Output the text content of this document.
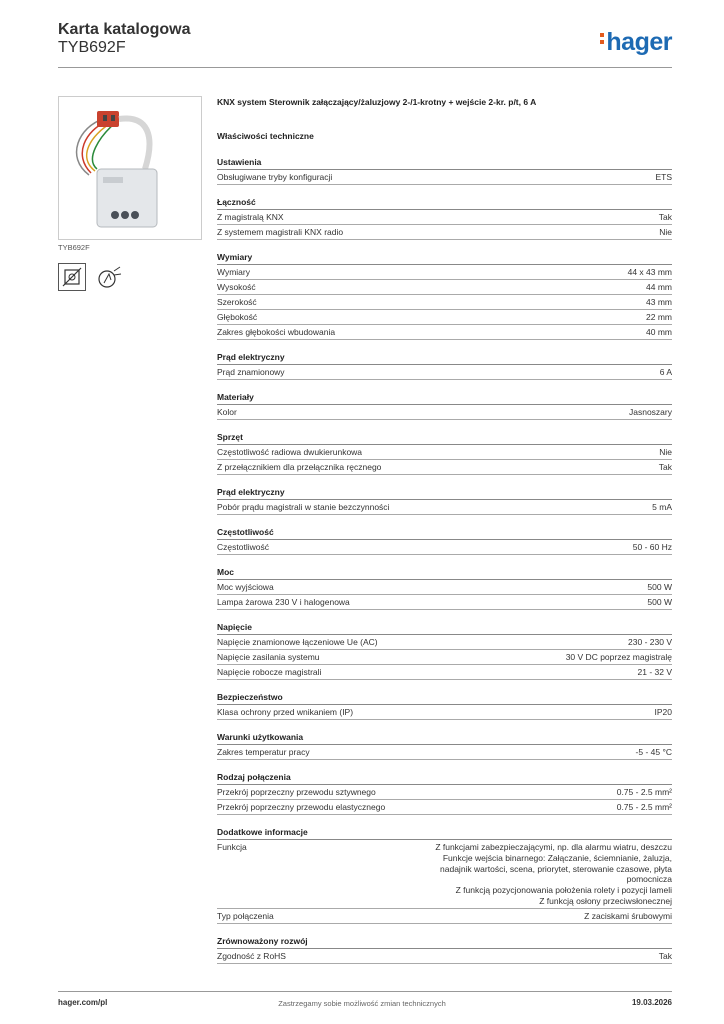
Karta katalogowa
TYB692F	hager
TYB692F
KNX system Sterownik załączający/żaluzjowy 2-/1-krotny + wejście 2-kr. p/t, 6 A
Właściwości techniczne
Ustawienia
Obsługiwane tryby konfiguracji	ETS
Łączność
Z magistralą KNX	Tak
Z systemem magistrali KNX radio	Nie
Wymiary
Wymiary	44 x 43 mm
Wysokość	44 mm
Szerokość	43 mm
Głębokość	22 mm
Zakres głębokości wbudowania	40 mm
Prąd elektryczny
Prąd znamionowy	6 A
Materiały
Kolor	Jasnoszary
Sprzęt
Częstotliwość radiowa dwukierunkowa	Nie
Z przełącznikiem dla przełącznika ręcznego	Tak
Prąd elektryczny
Pobór prądu magistrali w stanie bezczynności	5 mA
Częstotliwość
Częstotliwość	50 - 60 Hz
Moc
Moc wyjściowa	500 W
Lampa żarowa 230 V i halogenowa	500 W
Napięcie
Napięcie znamionowe łączeniowe Ue (AC)	230 - 230 V
Napięcie zasilania systemu	30 V DC poprzez magistralę
Napięcie robocze magistrali	21 - 32 V
Bezpieczeństwo
Klasa ochrony przed wnikaniem (IP)	IP20
Warunki użytkowania
Zakres temperatur pracy	-5 - 45 °C
Rodzaj połączenia
Przekrój poprzeczny przewodu sztywnego	0.75 - 2.5 mm²
Przekrój poprzeczny przewodu elastycznego	0.75 - 2.5 mm²
Dodatkowe informacje
Funkcja	Z funkcjami zabezpieczającymi, np. dla alarmu wiatru, deszczu
Funkcje wejścia binarnego: Załączanie, ściemnianie, żaluzja, nadajnik wartości, scena, priorytet, sterowanie czasowe, płyta pomocnicza
Z funkcją pozycjonowania położenia rolety i pozycji lameli
Z funkcją osłony przeciwsłonecznej
Typ połączenia	Z zaciskami śrubowymi
Zrównoważony rozwój
Zgodność z RoHS	Tak
hager.com/pl	Zastrzegamy sobie możliwość zmian technicznych	19.03.2026
